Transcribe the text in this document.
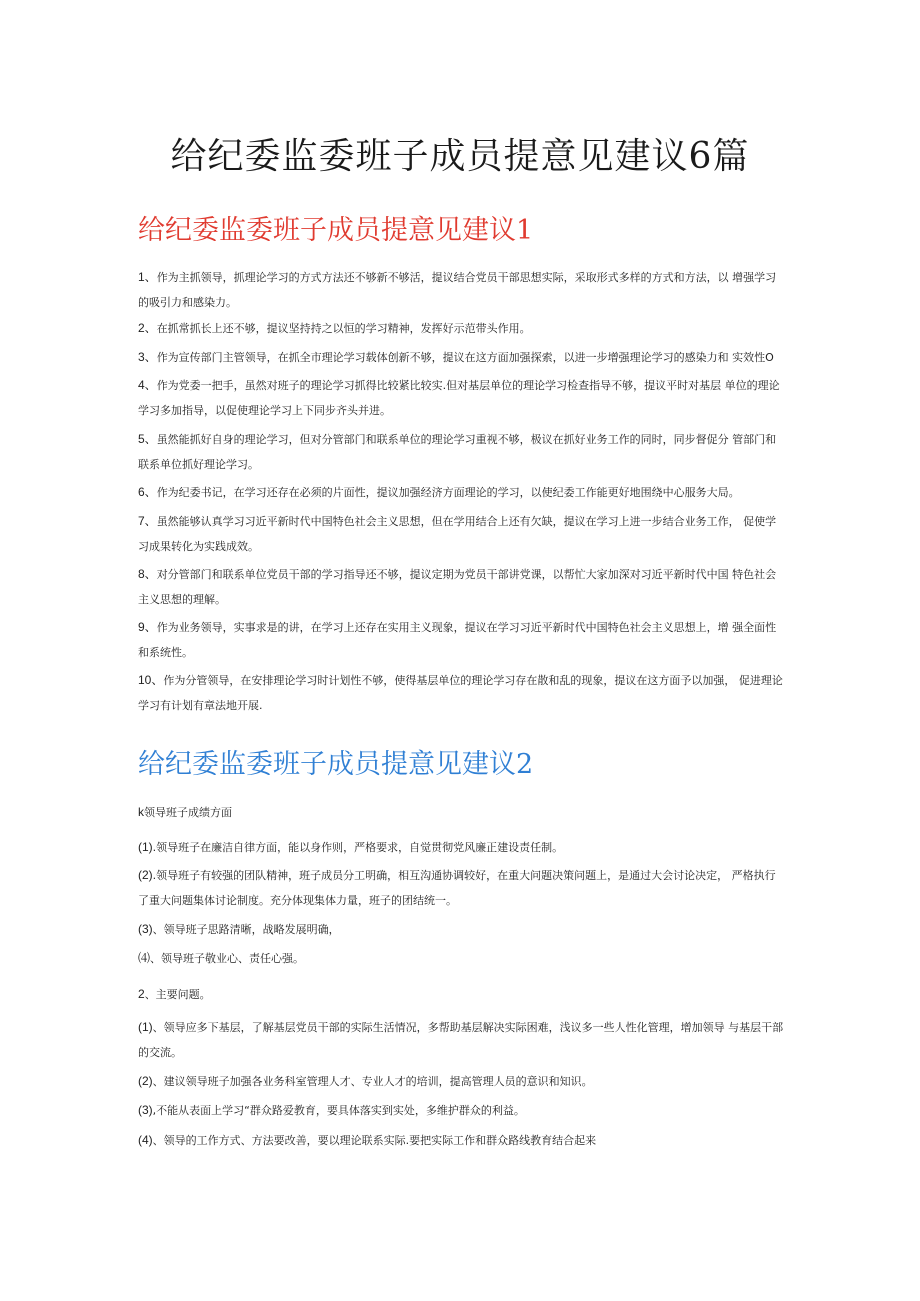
给纪委监委班子成员提意见建议6篇
给纪委监委班子成员提意见建议1

1、作为主抓领导，抓理论学习的方式方法还不够新不够活，提议结合党员干部思想实际，采取形式多样的方式和方法，以 增强学习的吸引力和感染力。

2、在抓常抓长上还不够，提议坚持持之以恒的学习精神，发挥好示范带头作用。

3、作为宣传部门主管领导，在抓全市理论学习载体创新不够，提议在这方面加强探索，以进一步增强理论学习的感染力和 实效性O

4、作为党委一把手，虽然对班子的理论学习抓得比较紧比较实.但对基层单位的理论学习检查指导不够，提议平时对基层 单位的理论学习多加指导，以促使理论学习上下同步齐头并进。

5、虽然能抓好自身的理论学习，但对分管部门和联系单位的理论学习重视不够，极议在抓好业务工作的同时，同步督促分 管部门和联系单位抓好理论学习。

6、作为纪委书记，在学习还存在必须的片面性，提议加强经济方面理论的学习，以使纪委工作能更好地围绕中心服务大局。

7、虽然能够认真学习习近平新时代中国特色社会主义思想，但在学用结合上还有欠缺，提议在学习上进一步结合业务工作， 促使学习成果转化为实践成效。

8、对分管部门和联系单位党员干部的学习指导还不够，提议定期为党员干部讲党课，以帮忙大家加深对习近平新时代中国 特色社会主义思想的理解。

9、作为业务领导，实事求是的讲，在学习上还存在实用主义现象，提议在学习习近平新时代中国特色社会主义思想上，增 强全面性和系统性。

10、作为分管领导，在安排理论学习时计划性不够，使得基层单位的理论学习存在散和乱的现象，提议在这方面予以加强， 促进理论学习有计划有章法地开展.

给纪委监委班子成员提意见建议2

k领导班子成绩方面

(1).领导班子在廉洁自律方面，能以身作则，严格要求，自觉贯彻党风廉正建设责任制。

(2).领导班子有较强的团队精神，班子成员分工明确，相互沟通协调较好，在重大问题决策问题上，是通过大会讨论决定， 严格执行了重大问题集体讨论制度。充分体现集体力量，班子的团结统一。

(3)、领导班子思路清晰，战略发展明确，

⑷、领导班子敬业心、责任心强。

2、主要问题。

(1)、领导应多下基层，了解基层党员干部的实际生活情况，多帮助基层解决实际困难，浅议多一些人性化管理，增加领导 与基层干部的交流。

(2)、建议领导班子加强各业务科室管理人才、专业人才的培训，提高管理人员的意识和知识。

(3),不能从表面上学习“群众路爱教育，要具体落实到实处，多维护群众的利益。

(4)、领导的工作方式、方法要改善，要以理论联系实际.要把实际工作和群众路线教育结合起来
